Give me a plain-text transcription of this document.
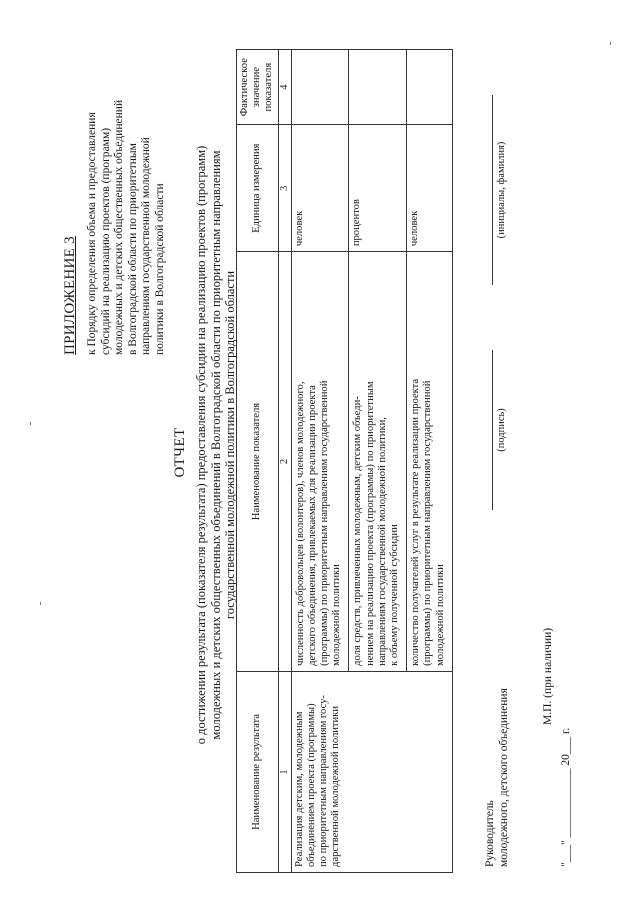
ПРИЛОЖЕНИЕ 3 к Порядку определения объема и предоставления субсидий на реализацию проектов (программ) молодежных и детских общественных объединений в Волгоградской области по приоритетным направлениям государственной молодежной политики в Волгоградской области
ОТЧЕТ о достижении результата (показателя результата) предоставления субсидии на реализацию проектов (программ) молодежных и детских общественных объединений в Волгоградской области по приоритетным направлениям государственной молодежной политики в Волгоградской области
Наименование результата	Наименование показателя	Единица измерения	Фактическое значение показателя
1	2	3	4

Реализация детским, молодежным объединением проекта (программы) по приоритетным направлениям госу- дарственной молодежной политики	численность добровольцев (волонтеров), членов молодежного, детского объединения, привлекаемых для реализации проекта (программы) по приоритетным направлениям государственной молодежной политики	человек	

	доля средств, привлеченных молодежным, детским объеди- нением на реализацию проекта (программы) по приоритетным направлениям государственной молодежной политики, к объему полученной субсидии	процентов	

	количество получателей услуг в результате реализации проекта (программы) по приоритетным направлениям государственной молодежной политики	человек	
Руководитель молодежного, детского объединения
(подпись)
(инициалы, фамилия)
М.П. (при наличии)
"___" ____________ 20___ г.
